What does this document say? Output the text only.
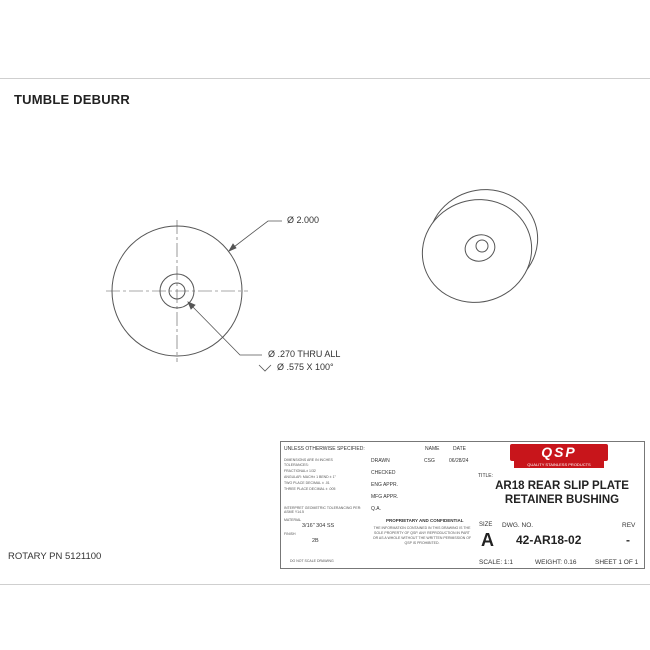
TUMBLE DEBURR
ROTARY PN 5121100
Ø 2.000
Ø .270 THRU ALL
Ø .575 X 100°
UNLESS OTHERWISE SPECIFIED:
DIMENSIONS ARE IN INCHES
TOLERANCES:
FRACTIONAL± 1/32
ANGULAR: MACH± 1 BEND ± 1°
TWO PLACE DECIMAL ± .01
THREE PLACE DECIMAL ± .005
INTERPRET GEOMETRIC TOLERANCING PER: ASME Y14.5
MATERIAL
3/16" 304 SS
FINISH
2B
DO NOT SCALE DRAWING
NAME	DATE
DRAWN	CSG	06/28/24
CHECKED
ENG APPR.
MFG APPR.
Q.A.
PROPRIETARY AND CONFIDENTIAL
THE INFORMATION CONTAINED IN THIS DRAWING IS THE SOLE PROPERTY OF QSP. ANY REPRODUCTION IN PART OR AS A WHOLE WITHOUT THE WRITTEN PERMISSION OF QSP IS PROHIBITED.
QSP
QUALITY STAINLESS PRODUCTS
TITLE:
AR18 REAR SLIP PLATE
RETAINER BUSHING
SIZE
A
DWG. NO.
42-AR18-02
REV
-
SCALE: 1:1	WEIGHT: 0.16	SHEET 1 OF 1
